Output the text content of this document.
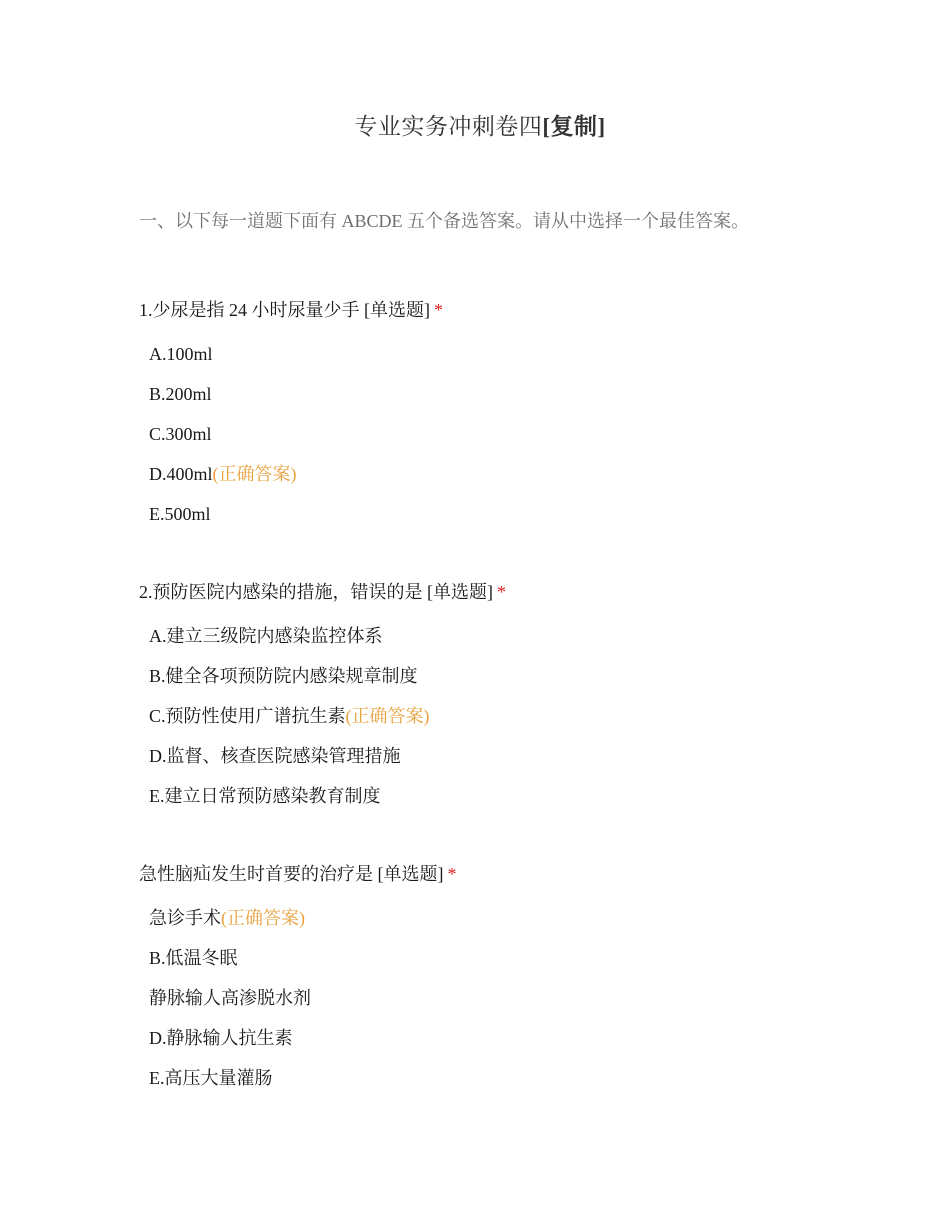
专业实务冲刺卷四[复制]
一、以下每一道题下面有 ABCDE 五个备选答案。请从中选择一个最佳答案。
1.少尿是指 24 小时尿量少手 [单选题] *
A.100ml
B.200ml
C.300ml
D.400ml(正确答案)
E.500ml
2.预防医院内感染的措施，错误的是 [单选题] *
A.建立三级院内感染监控体系
B.健全各项预防院内感染规章制度
C.预防性使用广谱抗生素(正确答案)
D.监督、核查医院感染管理措施
E.建立日常预防感染教育制度
急性脑疝发生时首要的治疗是 [单选题] *
急诊手术(正确答案)
B.低温冬眠
静脉输人高渗脱水剂
D.静脉输人抗生素
E.高压大量灌肠
